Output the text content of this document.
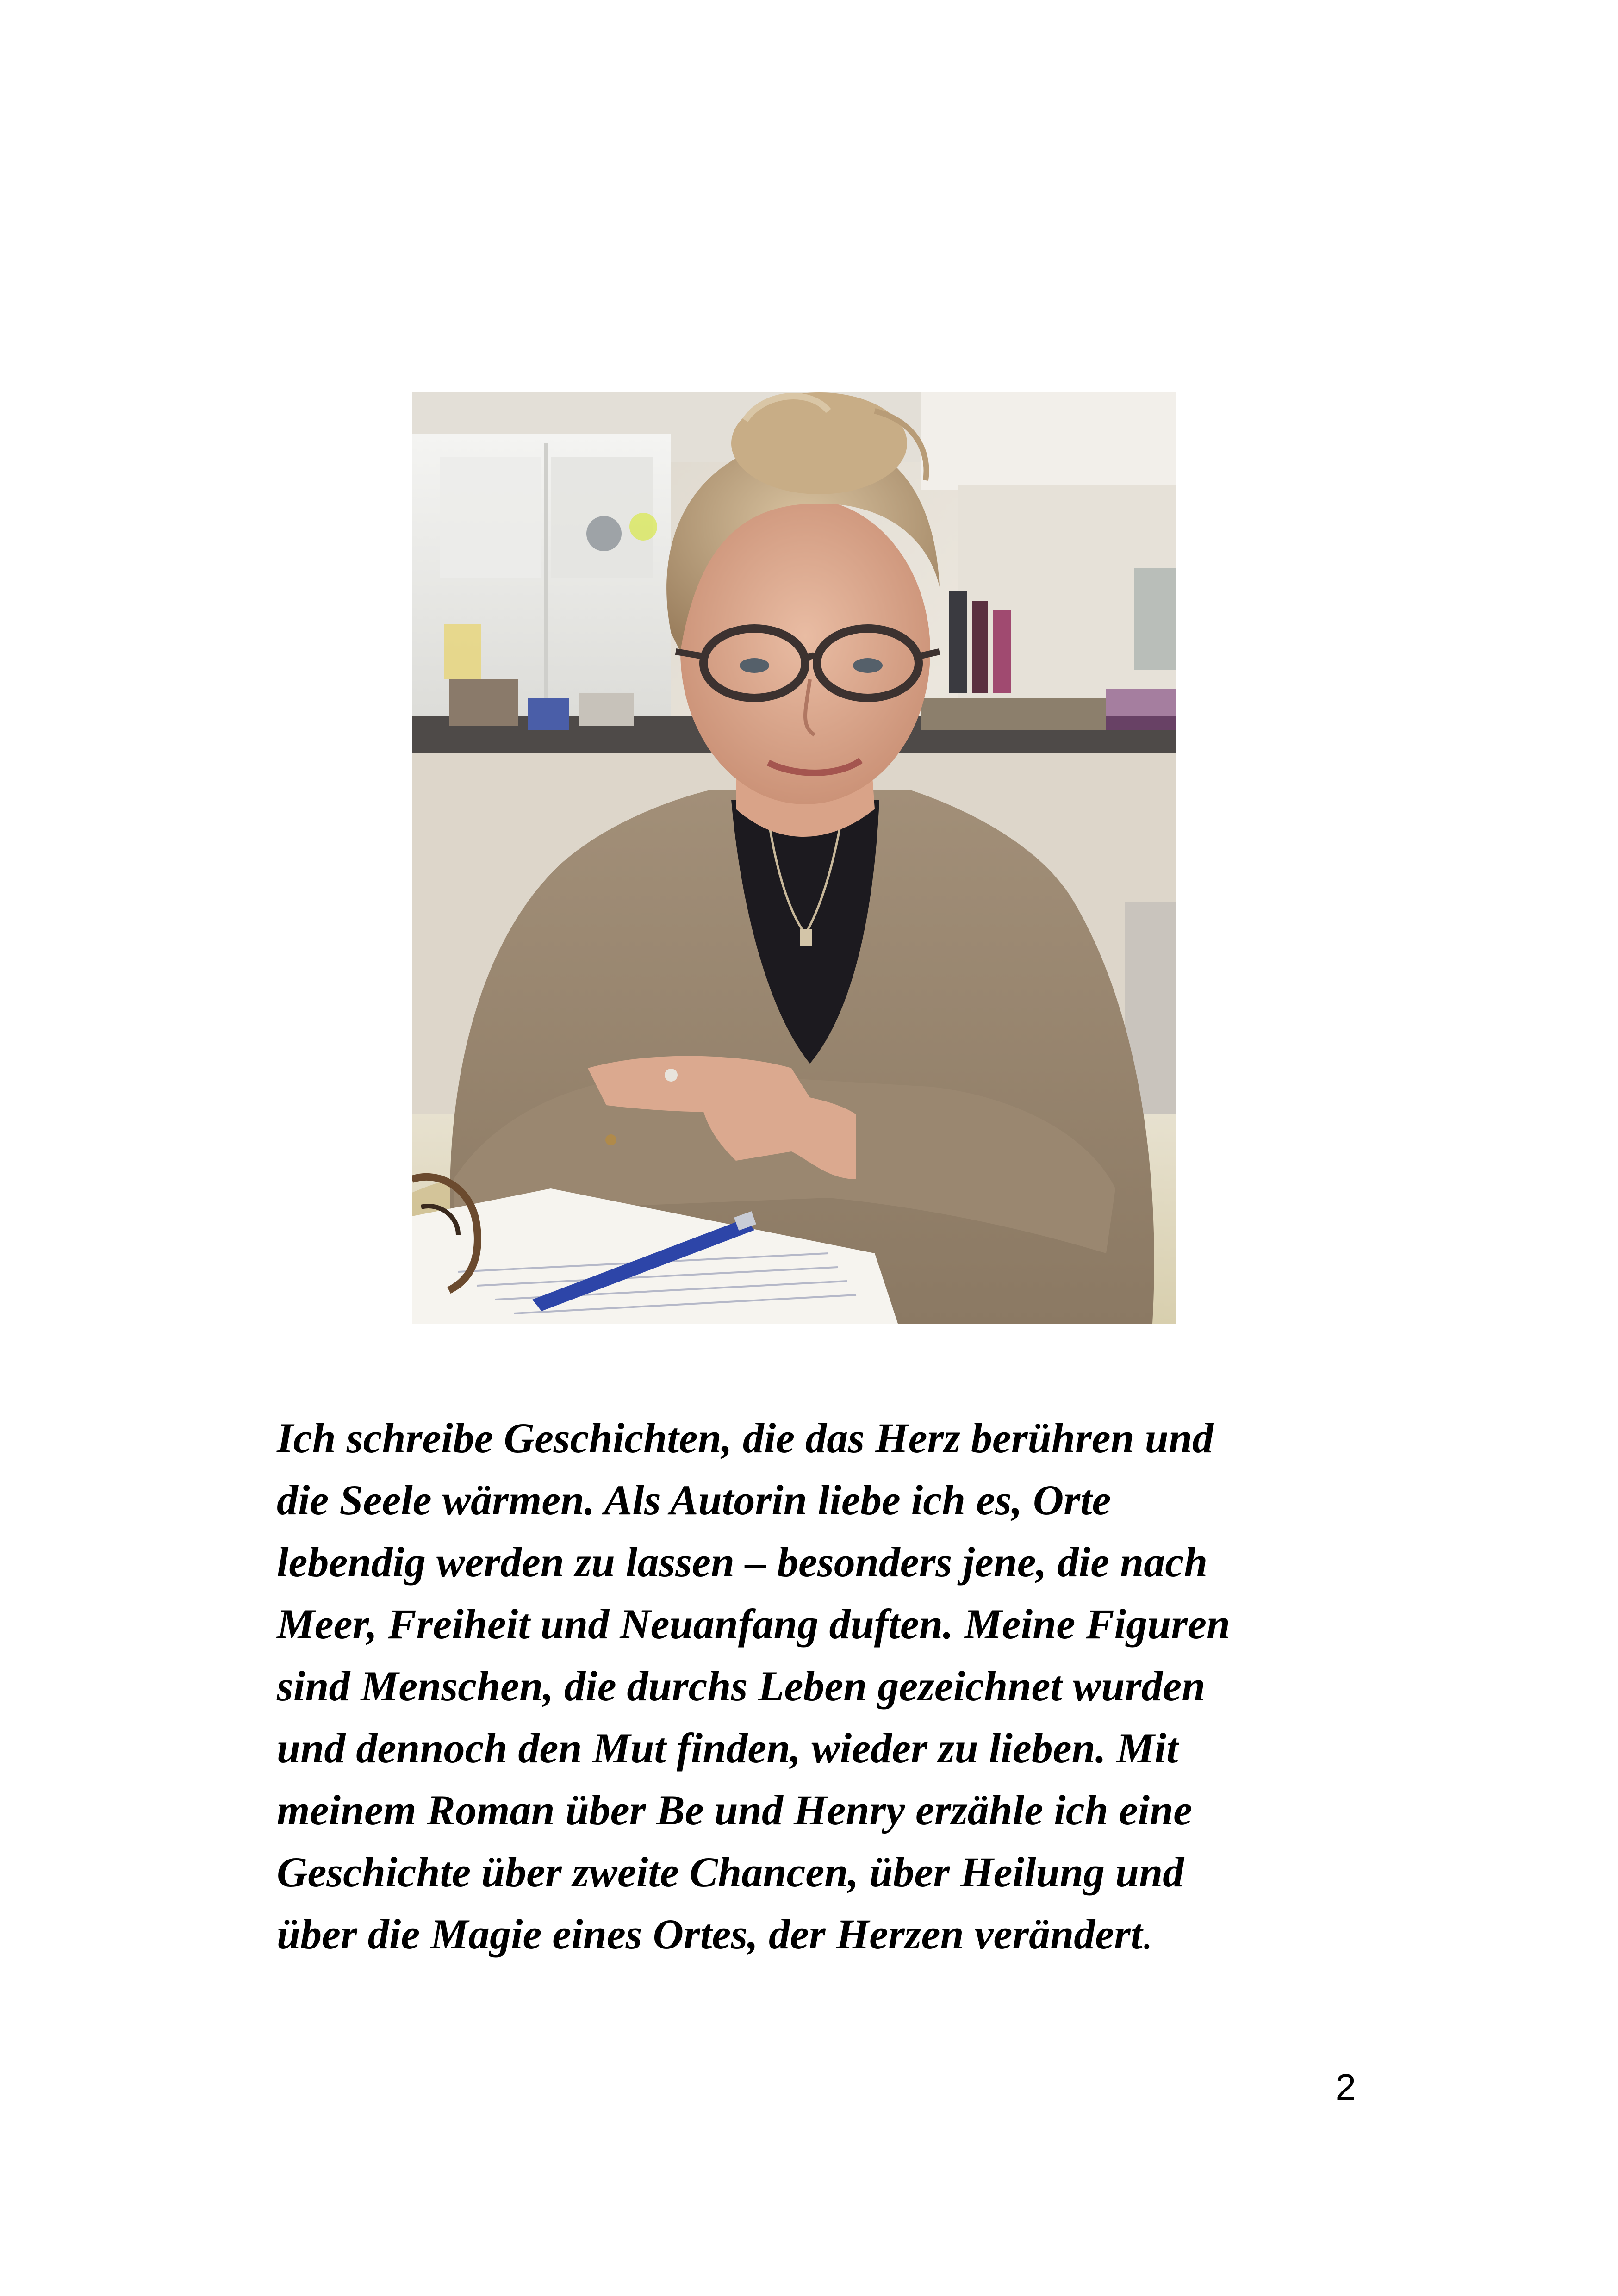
Ich schreibe Geschichten, die das Herz berühren und
die Seele wärmen. Als Autorin liebe ich es, Orte
lebendig werden zu lassen – besonders jene, die nach
Meer, Freiheit und Neuanfang duften. Meine Figuren
sind Menschen, die durchs Leben gezeichnet wurden
und dennoch den Mut finden, wieder zu lieben. Mit
meinem Roman über Be und Henry erzähle ich eine
Geschichte über zweite Chancen, über Heilung und
über die Magie eines Ortes, der Herzen verändert.

2
